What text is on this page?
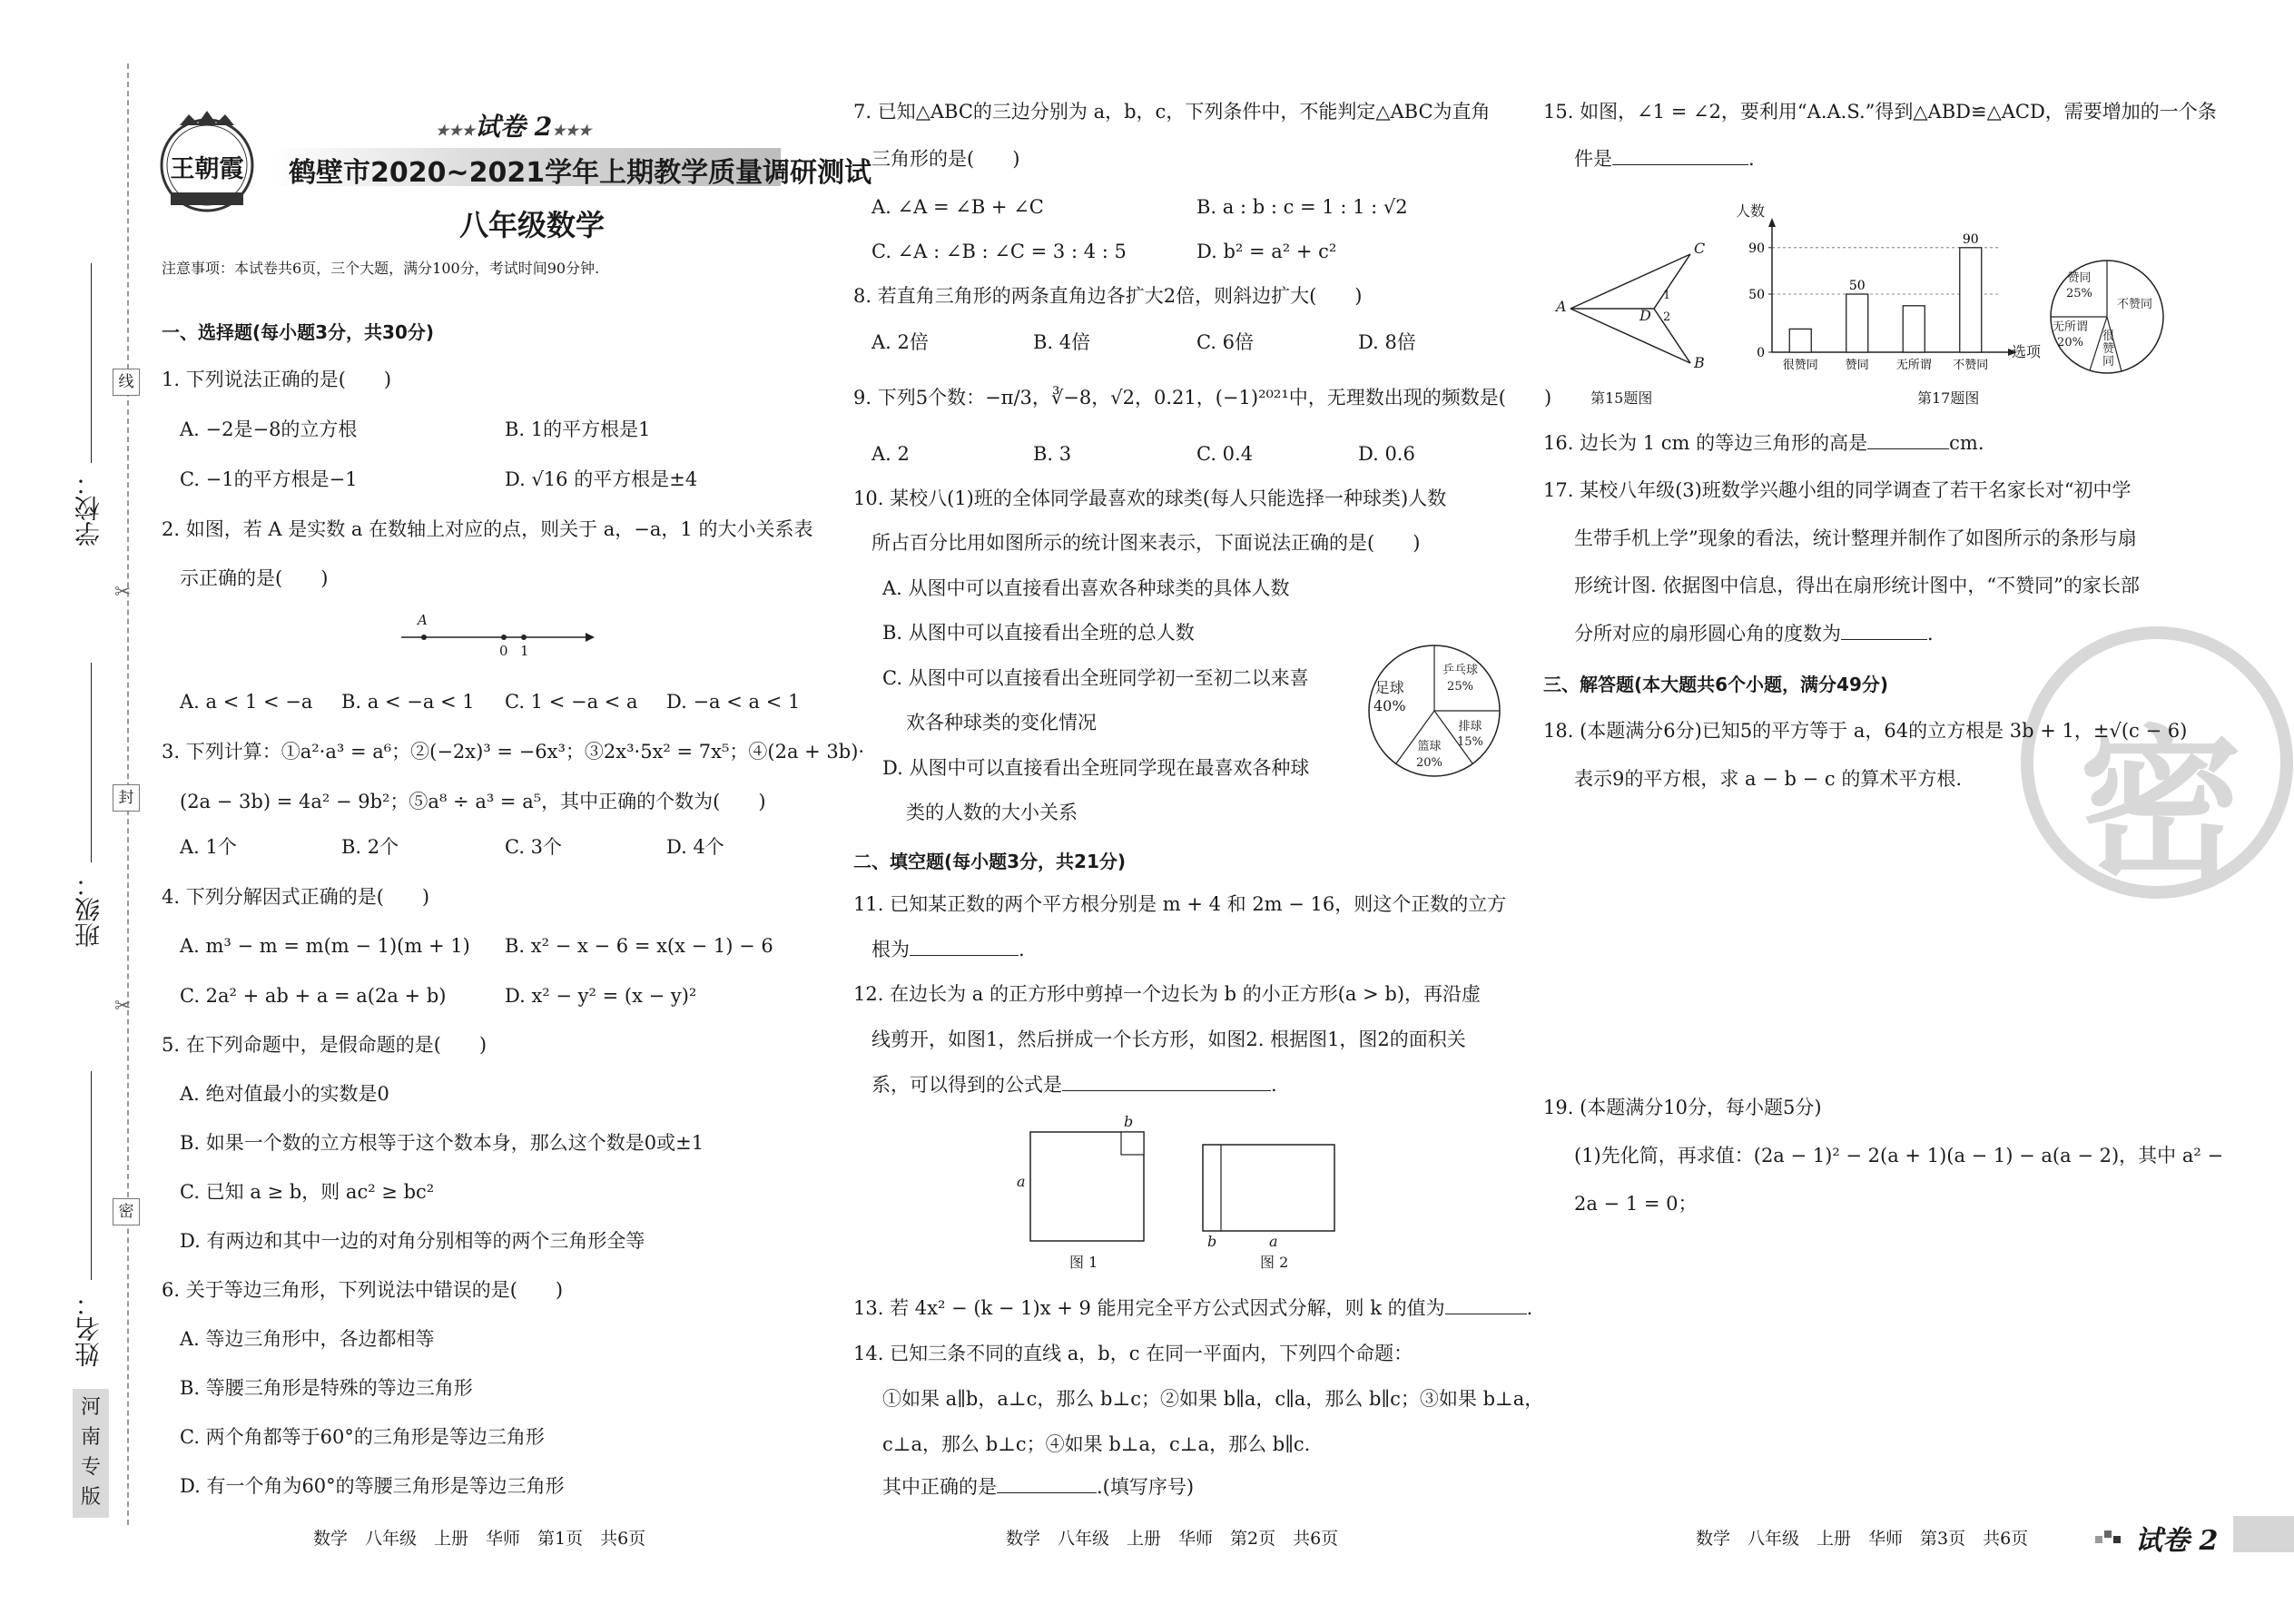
线
封
密
✂
✂
学校：
班级：
姓名：
河
南
专
版
王朝霞
★★★试卷 2★★★
鹤壁市2020~2021学年上期教学质量调研测试
八年级数学
注意事项：本试卷共6页，三个大题，满分100分，考试时间90分钟.
一、选择题(每小题3分，共30分)
1. 下列说法正确的是(　　)
A. −2是−8的立方根	B. 1的平方根是1
C. −1的平方根是−1	D. √16 的平方根是±4
2. 如图，若 A 是实数 a 在数轴上对应的点，则关于 a，−a，1 的大小关系表
示正确的是(　　)
A
0 1
A. a < 1 < −a B. a < −a < 1 C. 1 < −a < a D. −a < a < 1
3. 下列计算：①a²·a³ = a⁶；②(−2x)³ = −6x³；③2x³·5x² = 7x⁵；④(2a + 3b)·
(2a − 3b) = 4a² − 9b²；⑤a⁸ ÷ a³ = a⁵，其中正确的个数为(　　)
A. 1个	B. 2个	C. 3个	D. 4个
4. 下列分解因式正确的是(　　)
A. m³ − m = m(m − 1)(m + 1) B. x² − x − 6 = x(x − 1) − 6
C. 2a² + ab + a = a(2a + b)	D. x² − y² = (x − y)²
5. 在下列命题中，是假命题的是(　　)
A. 绝对值最小的实数是0
B. 如果一个数的立方根等于这个数本身，那么这个数是0或±1
C. 已知 a ≥ b，则 ac² ≥ bc²
D. 有两边和其中一边的对角分别相等的两个三角形全等
6. 关于等边三角形，下列说法中错误的是(　　)
A. 等边三角形中，各边都相等
B. 等腰三角形是特殊的等边三角形
C. 两个角都等于60°的三角形是等边三角形
D. 有一个角为60°的等腰三角形是等边三角形
数学　八年级　上册　华师　第1页　共6页
7. 已知△ABC的三边分别为 a，b，c，下列条件中，不能判定△ABC为直角
三角形的是(　　)
A. ∠A = ∠B + ∠C	B. a : b : c = 1 : 1 : √2
C. ∠A : ∠B : ∠C = 3 : 4 : 5	D. b² = a² + c²
8. 若直角三角形的两条直角边各扩大2倍，则斜边扩大(　　)
A. 2倍	B. 4倍	C. 6倍	D. 8倍
9. 下列5个数：−π/3，∛−8，√2，0.21，(−1)²⁰²¹中，无理数出现的频数是(　　)
A. 2	B. 3	C. 0.4	D. 0.6
10. 某校八(1)班的全体同学最喜欢的球类(每人只能选择一种球类)人数
所占百分比用如图所示的统计图来表示，下面说法正确的是(　　)
A. 从图中可以直接看出喜欢各种球类的具体人数
B. 从图中可以直接看出全班的总人数
C. 从图中可以直接看出全班同学初一至初二以来喜
欢各种球类的变化情况
D. 从图中可以直接看出全班同学现在最喜欢各种球
类的人数的大小关系
足球
40%
乒乓球
25%
排球
15%
篮球
20%
二、填空题(每小题3分，共21分)
11. 已知某正数的两个平方根分别是 m + 4 和 2m − 16，则这个正数的立方
根为	.
12. 在边长为 a 的正方形中剪掉一个边长为 b 的小正方形(a > b)，再沿虚
线剪开，如图1，然后拼成一个长方形，如图2. 根据图1，图2的面积关
系，可以得到的公式是	.
a
b
图 1
b	a
图 2
13. 若 4x² − (k − 1)x + 9 能用完全平方公式因式分解，则 k 的值为	.
14. 已知三条不同的直线 a，b，c 在同一平面内，下列四个命题：
①如果 a∥b，a⊥c，那么 b⊥c；②如果 b∥a，c∥a，那么 b∥c；③如果 b⊥a，
c⊥a，那么 b⊥c；④如果 b⊥a，c⊥a，那么 b∥c.
其中正确的是	.(填写序号)
数学　八年级　上册　华师　第2页　共6页
15. 如图，∠1 = ∠2，要利用“A.A.S.”得到△ABD≌△ACD，需要增加的一个条
件是	.
A
C
B
D
1
2
第15题图
0
50
90
很赞同 赞同
50
无所谓 不赞同
90
人数
选项
第17题图
赞同
25%
不赞同
无所谓
20%	很赞同
16. 边长为 1 cm 的等边三角形的高是	cm.
17. 某校八年级(3)班数学兴趣小组的同学调查了若干名家长对“初中学
生带手机上学”现象的看法，统计整理并制作了如图所示的条形与扇
形统计图. 依据图中信息，得出在扇形统计图中，“不赞同”的家长部
分所对应的扇形圆心角的度数为	.
三、解答题(本大题共6个小题，满分49分)
密
18. (本题满分6分)已知5的平方等于 a，64的立方根是 3b + 1，±√(c − 6)
表示9的平方根，求 a − b − c 的算术平方根.
19. (本题满分10分，每小题5分)
(1)先化简，再求值：(2a − 1)² − 2(a + 1)(a − 1) − a(a − 2)，其中 a² −
2a − 1 = 0；
数学　八年级　上册　华师　第3页　共6页	试卷 2
